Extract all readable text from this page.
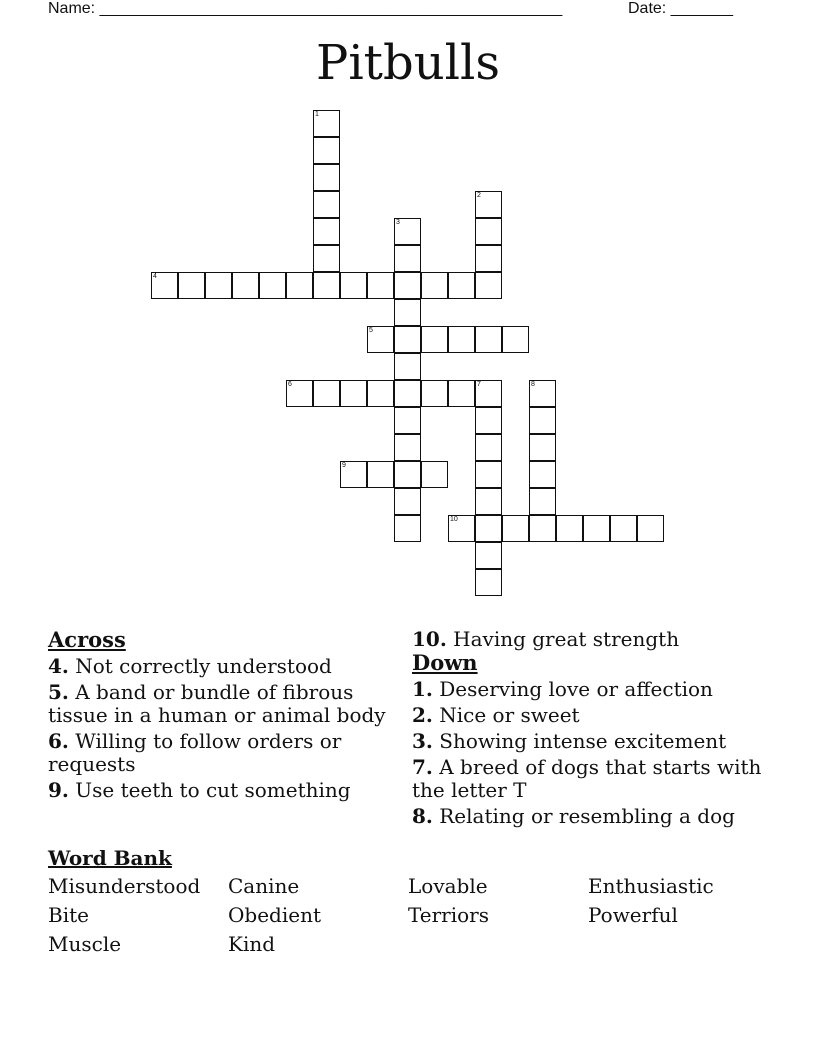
Name: ____________________________________________________	Date: _______
Pitbulls
1
2
3
4
5
6	7	8
9
10
Across
4. Not correctly understood
5. A band or bundle of fibrous tissue in a human or animal body
6. Willing to follow orders or requests
9. Use teeth to cut something
10. Having great strength
Down
1. Deserving love or affection
2. Nice or sweet
3. Showing intense excitement
7. A breed of dogs that starts with the letter T
8. Relating or resembling a dog
Word Bank
Misunderstood	Canine	Lovable	Enthusiastic
Bite	Obedient	Terriors	Powerful
Muscle	Kind
